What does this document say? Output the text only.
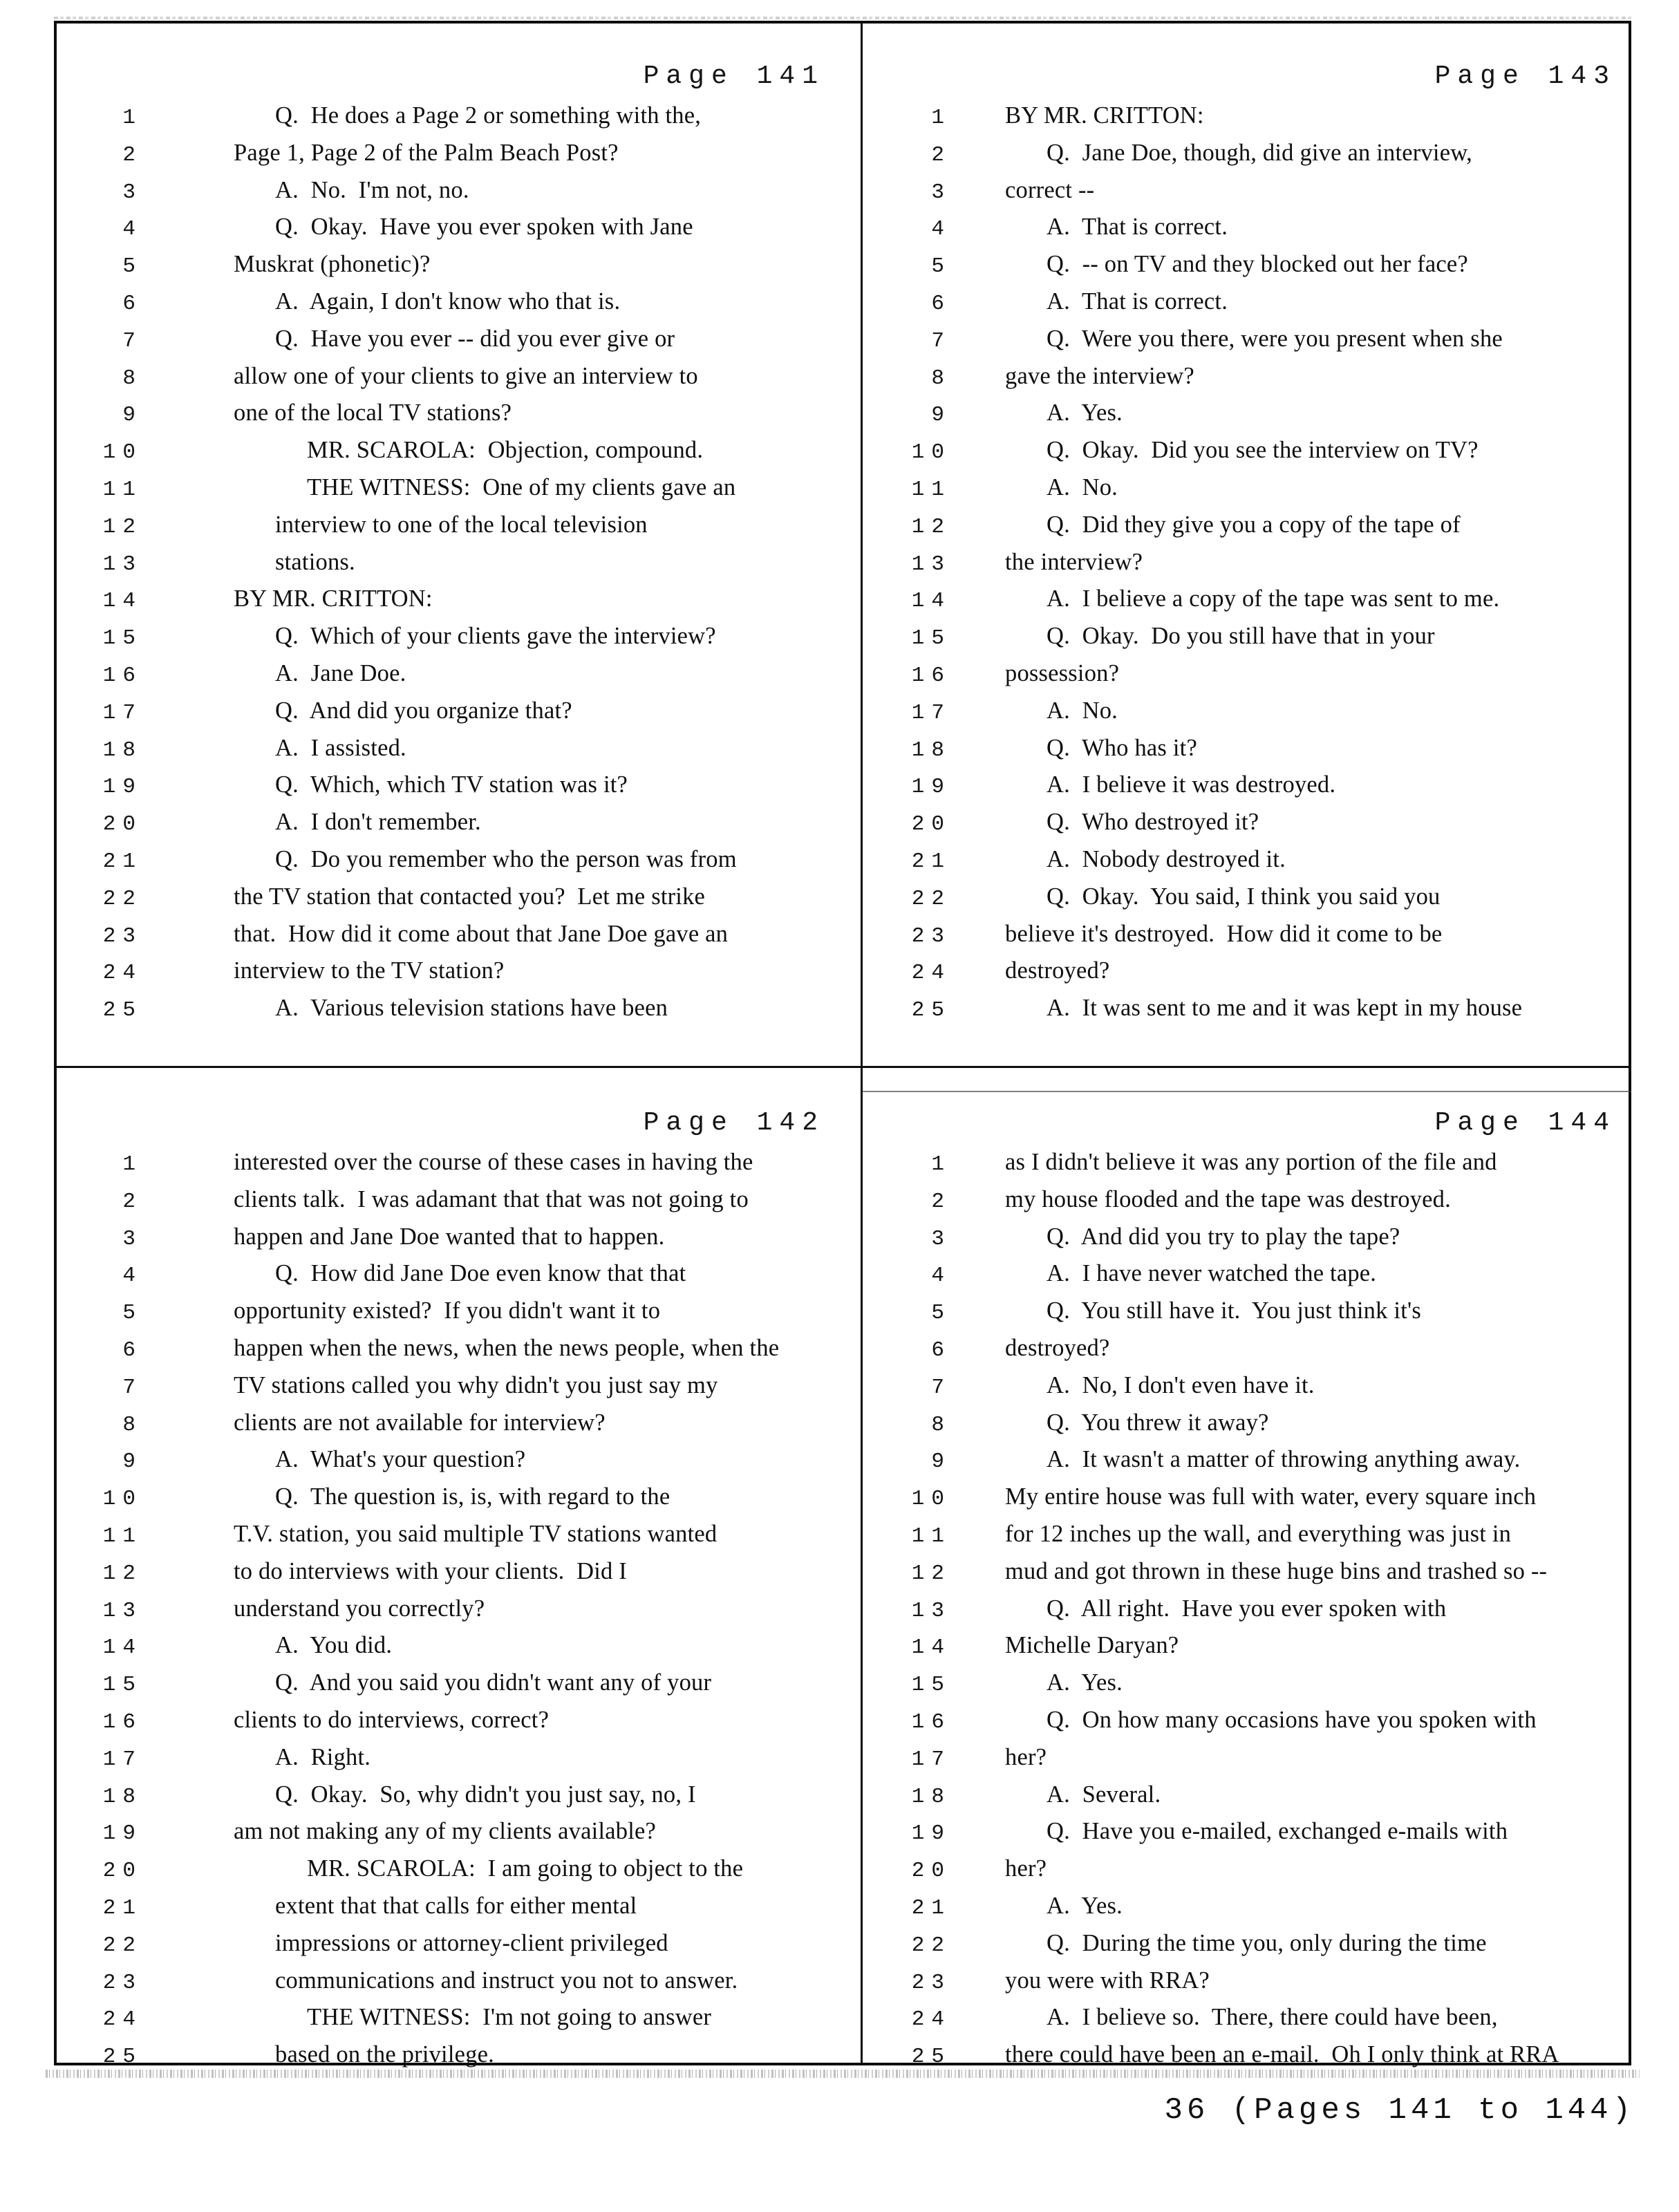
Page 141
1	Q.  He does a Page 2 or something with the,
2	Page 1, Page 2 of the Palm Beach Post?
3	A.  No.  I'm not, no.
4	Q.  Okay.  Have you ever spoken with Jane
5	Muskrat (phonetic)?
6	A.  Again, I don't know who that is.
7	Q.  Have you ever -- did you ever give or
8	allow one of your clients to give an interview to
9	one of the local TV stations?
10	MR. SCAROLA:  Objection, compound.
11	THE WITNESS:  One of my clients gave an
12	interview to one of the local television
13	stations.
14	BY MR. CRITTON:
15	Q.  Which of your clients gave the interview?
16	A.  Jane Doe.
17	Q.  And did you organize that?
18	A.  I assisted.
19	Q.  Which, which TV station was it?
20	A.  I don't remember.
21	Q.  Do you remember who the person was from
22	the TV station that contacted you?  Let me strike
23	that.  How did it come about that Jane Doe gave an
24	interview to the TV station?
25	A.  Various television stations have been
Page 143
1 BY MR. CRITTON:
2	Q.  Jane Doe, though, did give an interview,
3 correct --
4	A.  That is correct.
5	Q.  -- on TV and they blocked out her face?
6	A.  That is correct.
7	Q.  Were you there, were you present when she
8 gave the interview?
9	A.  Yes.
10	Q.  Okay.  Did you see the interview on TV?
11	A.  No.
12	Q.  Did they give you a copy of the tape of
13 the interview?
14	A.  I believe a copy of the tape was sent to me.
15	Q.  Okay.  Do you still have that in your
16 possession?
17	A.  No.
18	Q.  Who has it?
19	A.  I believe it was destroyed.
20	Q.  Who destroyed it?
21	A.  Nobody destroyed it.
22	Q.  Okay.  You said, I think you said you
23 believe it's destroyed.  How did it come to be
24 destroyed?
25	A.  It was sent to me and it was kept in my house
Page 142
1	interested over the course of these cases in having the
2	clients talk.  I was adamant that that was not going to
3	happen and Jane Doe wanted that to happen.
4	Q.  How did Jane Doe even know that that
5	opportunity existed?  If you didn't want it to
6	happen when the news, when the news people, when the
7	TV stations called you why didn't you just say my
8	clients are not available for interview?
9	A.  What's your question?
10	Q.  The question is, is, with regard to the
11	T.V. station, you said multiple TV stations wanted
12	to do interviews with your clients.  Did I
13	understand you correctly?
14	A.  You did.
15	Q.  And you said you didn't want any of your
16	clients to do interviews, correct?
17	A.  Right.
18	Q.  Okay.  So, why didn't you just say, no, I
19	am not making any of my clients available?
20	MR. SCAROLA:  I am going to object to the
21	extent that that calls for either mental
22	impressions or attorney-client privileged
23	communications and instruct you not to answer.
24	THE WITNESS:  I'm not going to answer
25	based on the privilege.
Page 144
1 as I didn't believe it was any portion of the file and
2 my house flooded and the tape was destroyed.
3	Q.  And did you try to play the tape?
4	A.  I have never watched the tape.
5	Q.  You still have it.  You just think it's
6 destroyed?
7	A.  No, I don't even have it.
8	Q.  You threw it away?
9	A.  It wasn't a matter of throwing anything away.
10 My entire house was full with water, every square inch
11 for 12 inches up the wall, and everything was just in
12 mud and got thrown in these huge bins and trashed so --
13	Q.  All right.  Have you ever spoken with
14 Michelle Daryan?
15	A.  Yes.
16	Q.  On how many occasions have you spoken with
17 her?
18	A.  Several.
19	Q.  Have you e-mailed, exchanged e-mails with
20 her?
21	A.  Yes.
22	Q.  During the time you, only during the time
23 you were with RRA?
24	A.  I believe so.  There, there could have been,
25 there could have been an e-mail.  Oh I only think at RRA
36 (Pages 141 to 144)
